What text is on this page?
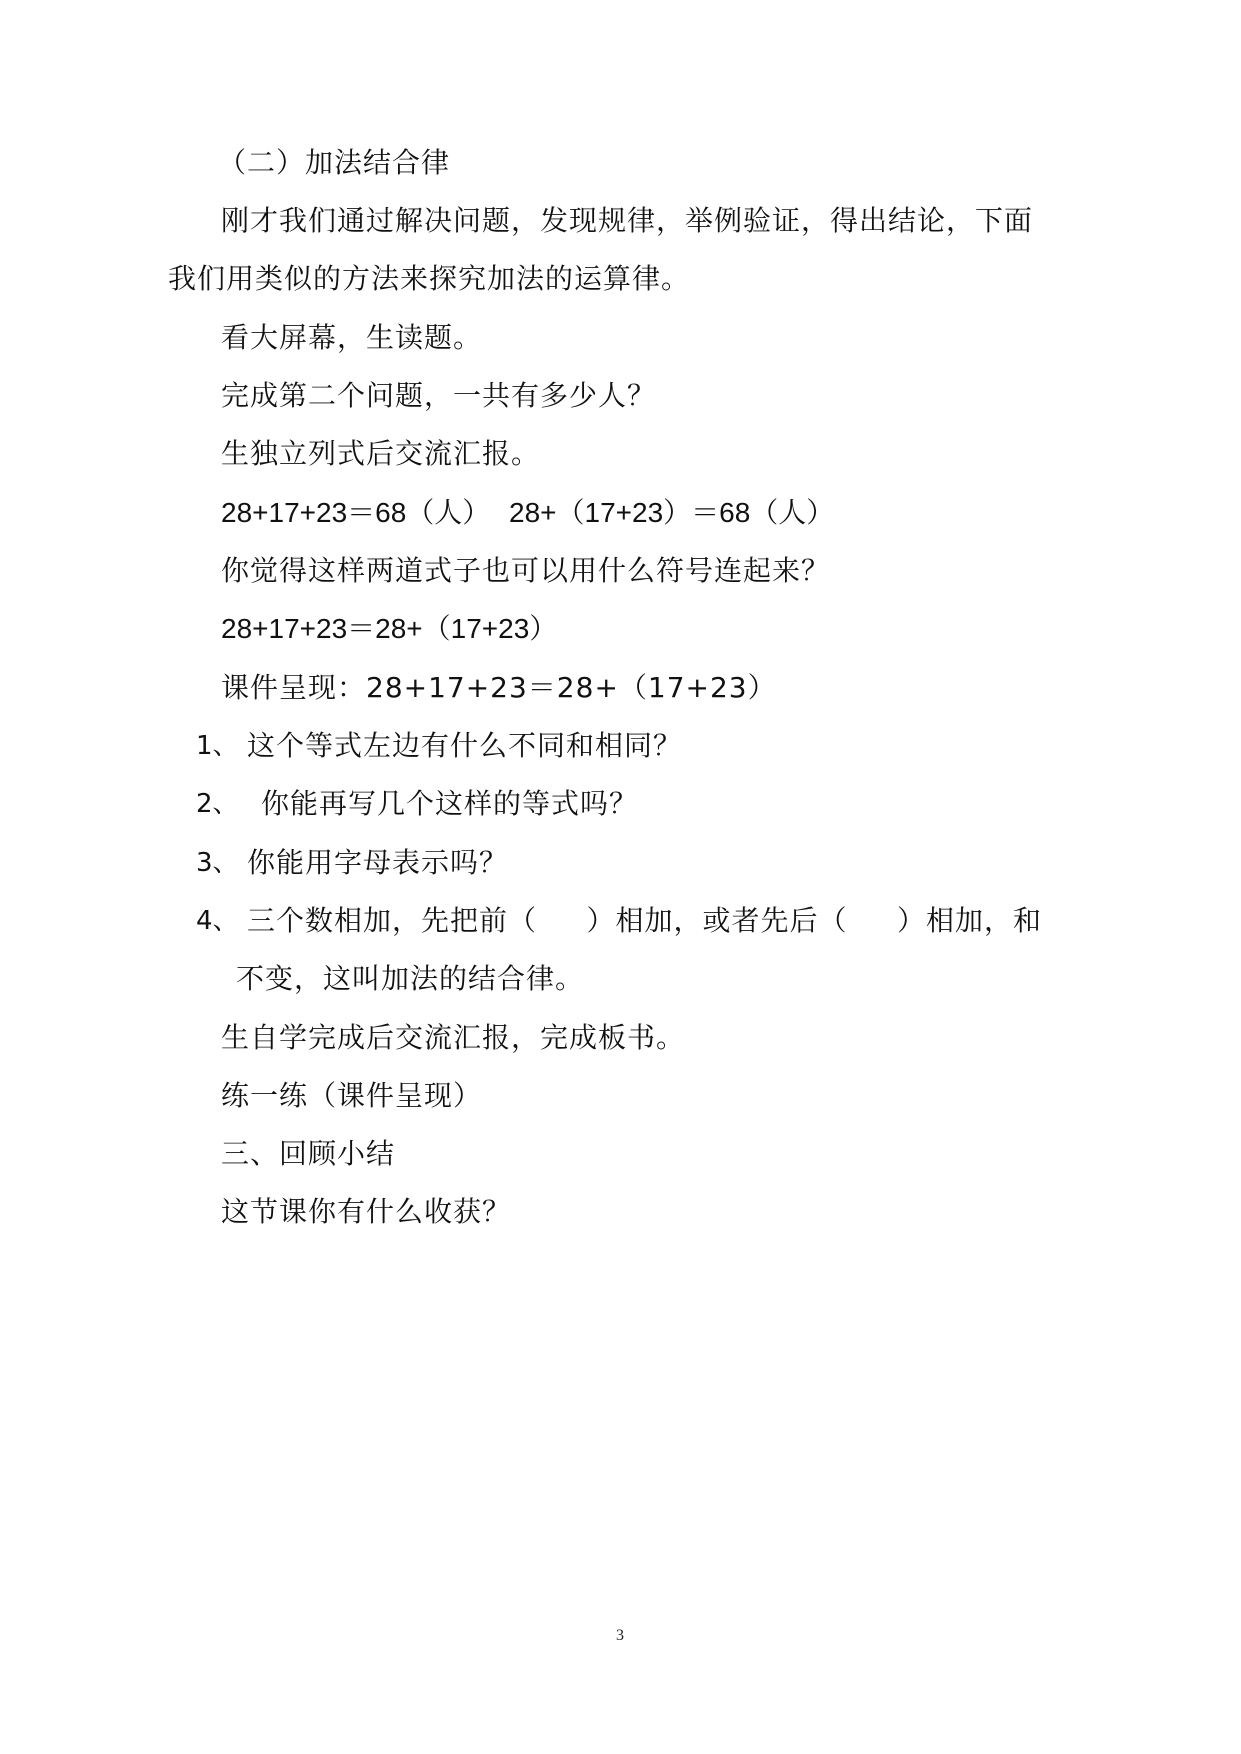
（二）加法结合律
刚才我们通过解决问题，发现规律，举例验证，得出结论，下面
我们用类似的方法来探究加法的运算律。
看大屏幕，生读题。
完成第二个问题，一共有多少人？
生独立列式后交流汇报。
28+17+23＝68（人） 28+（17+23）＝68（人）
你觉得这样两道式子也可以用什么符号连起来？
28+17+23＝28+（17+23）
课件呈现：28+17+23＝28+（17+23）
1、 这个等式左边有什么不同和相同？
2、 你能再写几个这样的等式吗？
3、 你能用字母表示吗？
4、 三个数相加，先把前（     ）相加，或者先后（     ）相加，和
不变，这叫加法的结合律。
生自学完成后交流汇报，完成板书。
练一练（课件呈现）
三、回顾小结
这节课你有什么收获？
3
